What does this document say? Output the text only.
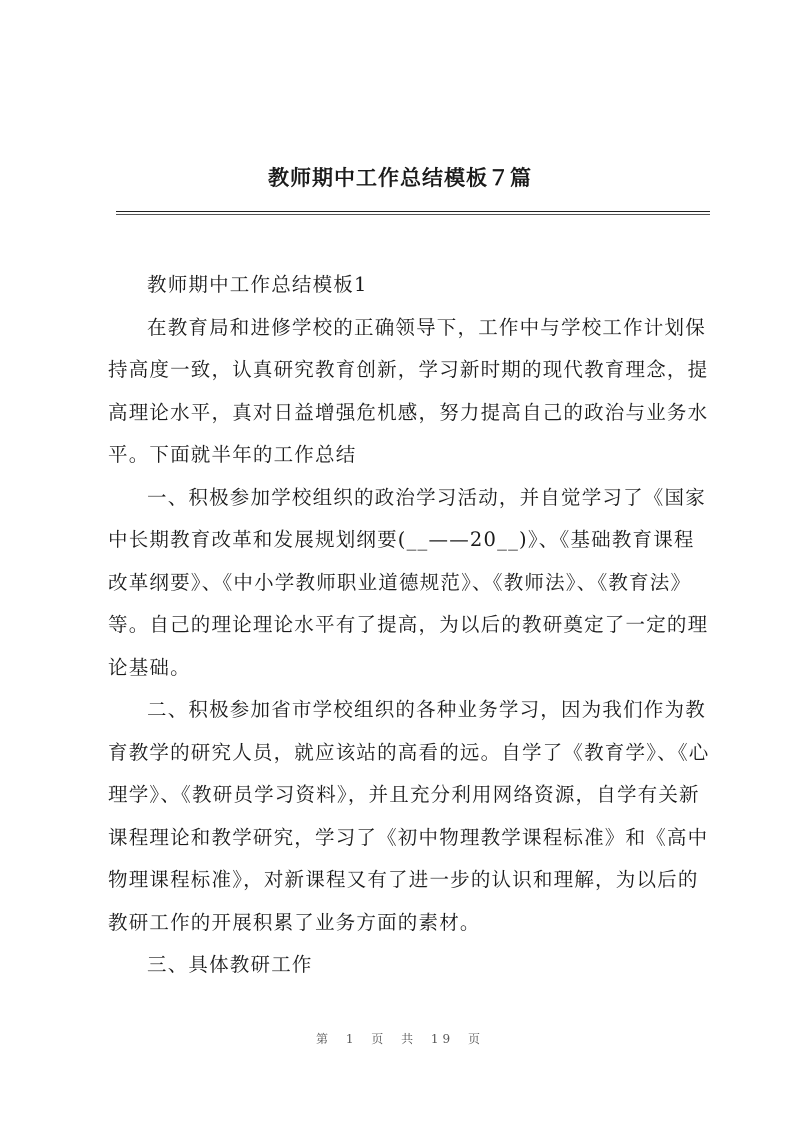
教师期中工作总结模板７篇

教师期中工作总结模板1

在教育局和进修学校的正确领导下，工作中与学校工作计划保持高度一致，认真研究教育创新，学习新时期的现代教育理念，提高理论水平，真对日益增强危机感，努力提高自己的政治与业务水平。下面就半年的工作总结

一、积极参加学校组织的政治学习活动，并自觉学习了《国家中长期教育改革和发展规划纲要(__——20__)》、《基础教育课程改革纲要》、《中小学教师职业道德规范》、《教师法》、《教育法》等。自己的理论理论水平有了提高，为以后的教研奠定了一定的理论基础。

二、积极参加省市学校组织的各种业务学习，因为我们作为教育教学的研究人员，就应该站的高看的远。自学了《教育学》、《心理学》、《教研员学习资料》，并且充分利用网络资源，自学有关新课程理论和教学研究，学习了《初中物理教学课程标准》和《高中物理课程标准》，对新课程又有了进一步的认识和理解，为以后的教研工作的开展积累了业务方面的素材。

三、具体教研工作

第 1 页 共 19 页
